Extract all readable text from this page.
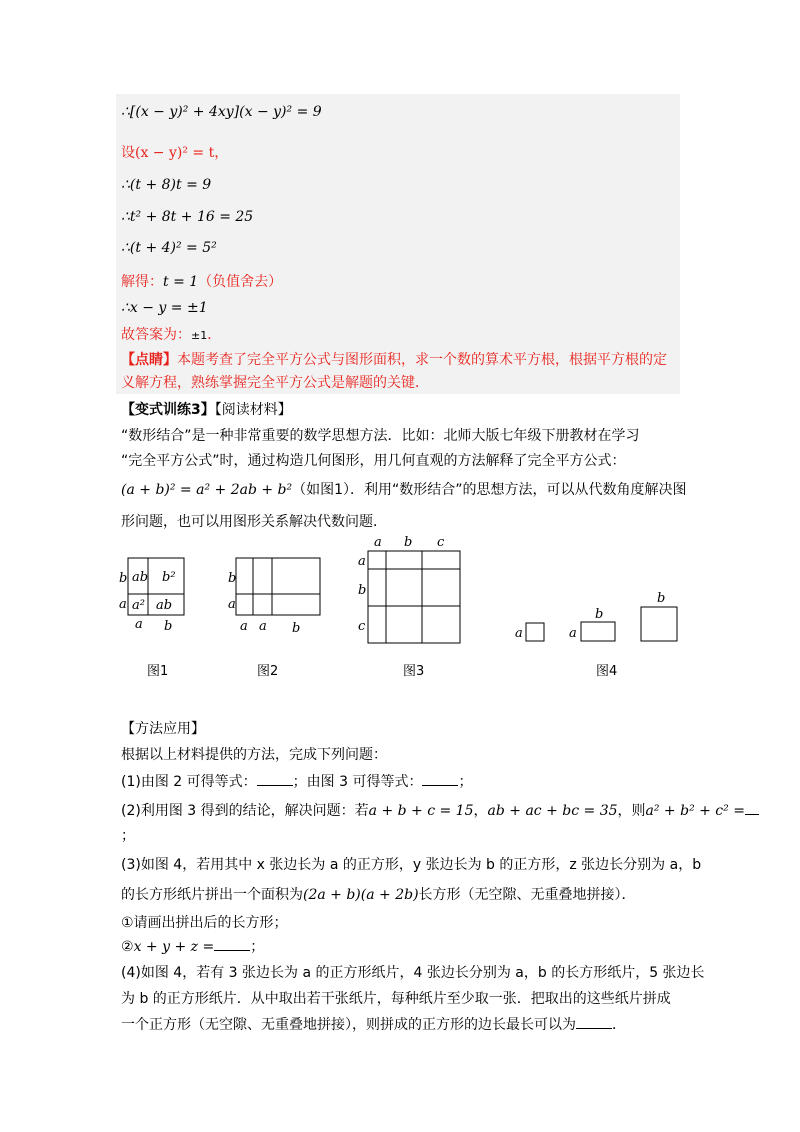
∴[(x − y)² + 4xy](x − y)² = 9
设(x − y)² = t，
∴(t + 8)t = 9
∴t² + 8t + 16 = 25
∴(t + 4)² = 5²
解得：t = 1（负值舍去）
∴x − y = ±1
故答案为：±1．
【点睛】本题考查了完全平方公式与图形面积，求一个数的算术平方根，根据平方根的定
义解方程，熟练掌握完全平方公式是解题的关键．
【变式训练3】【阅读材料】
“数形结合”是一种非常重要的数学思想方法．比如：北师大版七年级下册教材在学习
“完全平方公式”时，通过构造几何图形，用几何直观的方法解释了完全平方公式：
(a + b)² = a² + 2ab + b²（如图1）．利用“数形结合”的思想方法，可以从代数角度解决图
形问题，也可以用图形关系解决代数问题．
ab b²
a² ab
b
a
a b
图1
b
a
a a b
图2
a b c
a
b
c
图3
a	a
b
b
图4
【方法应用】
根据以上材料提供的方法，完成下列问题：
(1)由图 2 可得等式：	；由图 3 可得等式：	；
(2)利用图 3 得到的结论，解决问题：若a + b + c = 15，ab + ac + bc = 35，则a² + b² + c² =
；
(3)如图 4，若用其中 x 张边长为 a 的正方形，y 张边长为 b 的正方形，z 张边长分别为 a，b
的长方形纸片拼出一个面积为(2a + b)(a + 2b)长方形（无空隙、无重叠地拼接）．
①请画出拼出后的长方形；
②x + y + z =	；
(4)如图 4，若有 3 张边长为 a 的正方形纸片，4 张边长分别为 a，b 的长方形纸片，5 张边长
为 b 的正方形纸片．从中取出若干张纸片，每种纸片至少取一张．把取出的这些纸片拼成
一个正方形（无空隙、无重叠地拼接），则拼成的正方形的边长最长可以为	．
